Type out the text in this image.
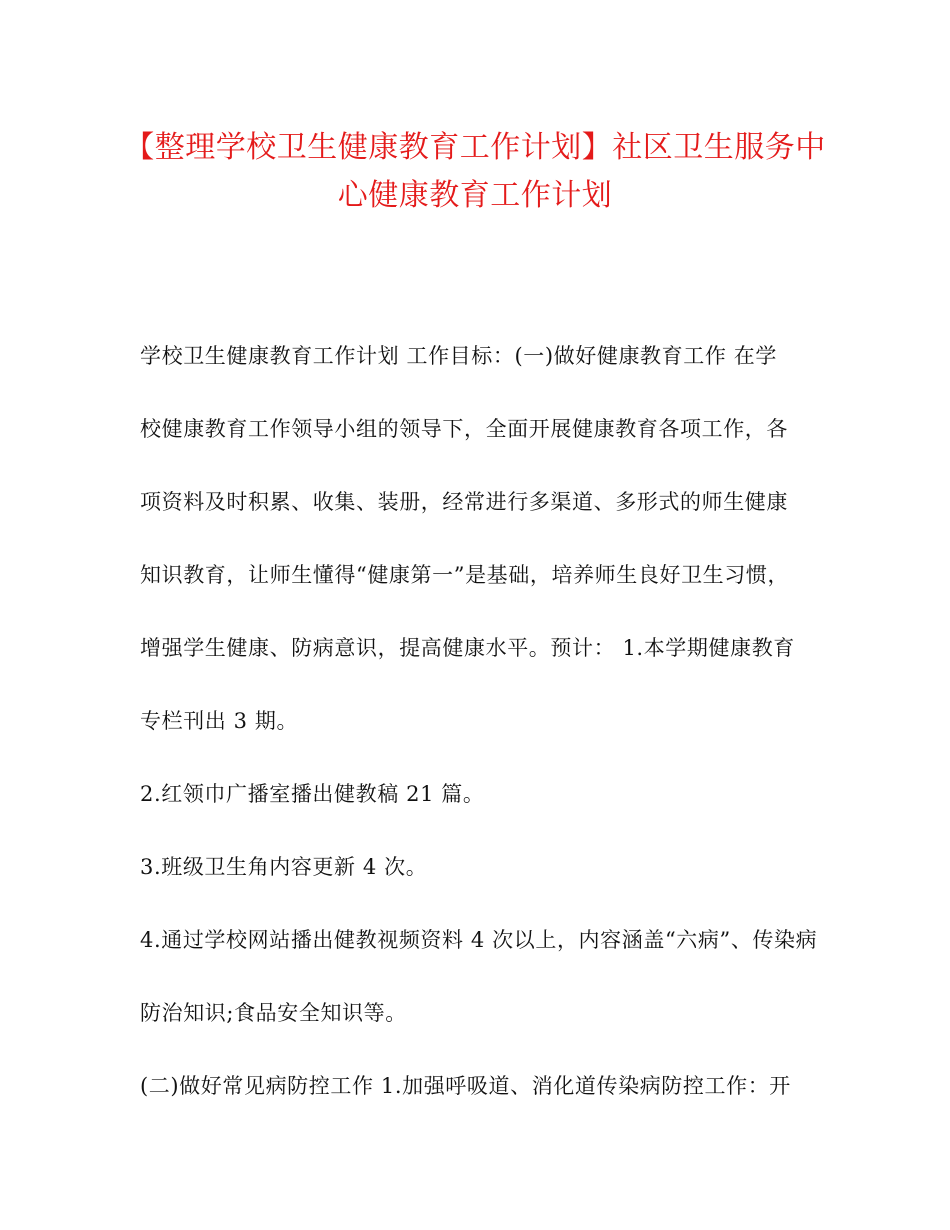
【整理学校卫生健康教育工作计划】社区卫生服务中
心健康教育工作计划
学校卫生健康教育工作计划 工作目标：(一)做好健康教育工作 在学
校健康教育工作领导小组的领导下，全面开展健康教育各项工作，各
项资料及时积累、收集、装册，经常进行多渠道、多形式的师生健康
知识教育，让师生懂得“健康第一”是基础，培养师生良好卫生习惯，
增强学生健康、防病意识，提高健康水平。预计： 1.本学期健康教育
专栏刊出 3 期。
2.红领巾广播室播出健教稿 21 篇。
3.班级卫生角内容更新 4 次。
4.通过学校网站播出健教视频资料 4 次以上，内容涵盖“六病”、传染病
防治知识;食品安全知识等。
(二)做好常见病防控工作 1.加强呼吸道、消化道传染病防控工作：开
